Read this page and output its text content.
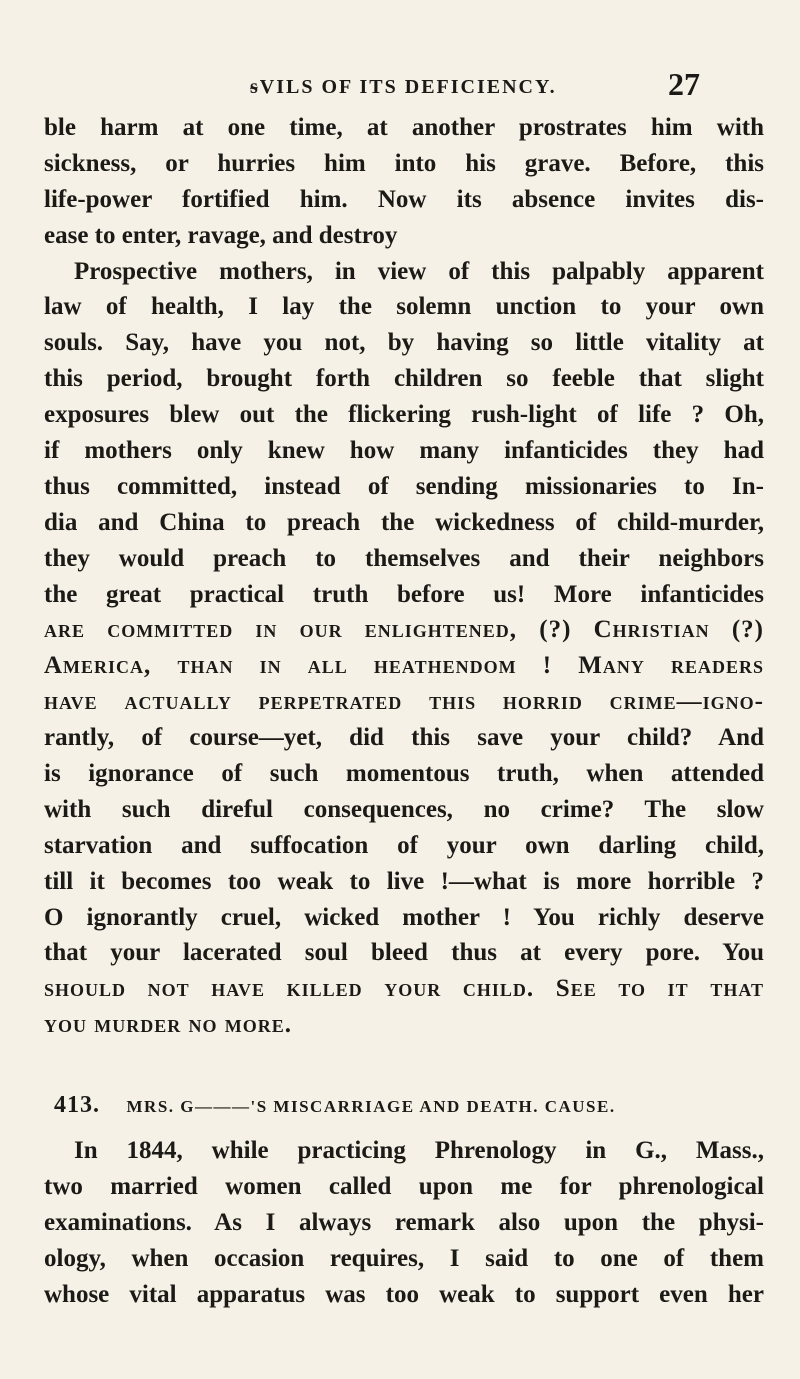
ᵴVILS OF ITS DEFICIENCY.	27
ble harm at one time, at another prostrates him with
sickness, or hurries him into his grave. Before, this
life-power fortified him. Now its absence invites dis-
ease to enter, ravage, and destroy
Prospective mothers, in view of this palpably apparent
law of health, I lay the solemn unction to your own
souls. Say, have you not, by having so little vitality at
this period, brought forth children so feeble that slight
exposures blew out the flickering rush-light of life ? Oh,
if mothers only knew how many infanticides they had
thus committed, instead of sending missionaries to In-
dia and China to preach the wickedness of child-murder,
they would preach to themselves and their neighbors
the great practical truth before us! More infanticides
are committed in our enlightened, (?) Christian (?)
America, than in all heathendom ! Many readers
have actually perpetrated this horrid crime—igno-
rantly, of course—yet, did this save your child? And
is ignorance of such momentous truth, when attended
with such direful consequences, no crime? The slow
starvation and suffocation of your own darling child,
till it becomes too weak to live !—what is more horrible ?
O ignorantly cruel, wicked mother ! You richly deserve
that your lacerated soul bleed thus at every pore. You
should not have killed your child. See to it that
you murder no more.
413. MRS. G———'S MISCARRIAGE AND DEATH. CAUSE.
In 1844, while practicing Phrenology in G., Mass.,
two married women called upon me for phrenological
examinations. As I always remark also upon the physi-
ology, when occasion requires, I said to one of them
whose vital apparatus was too weak to support even her
